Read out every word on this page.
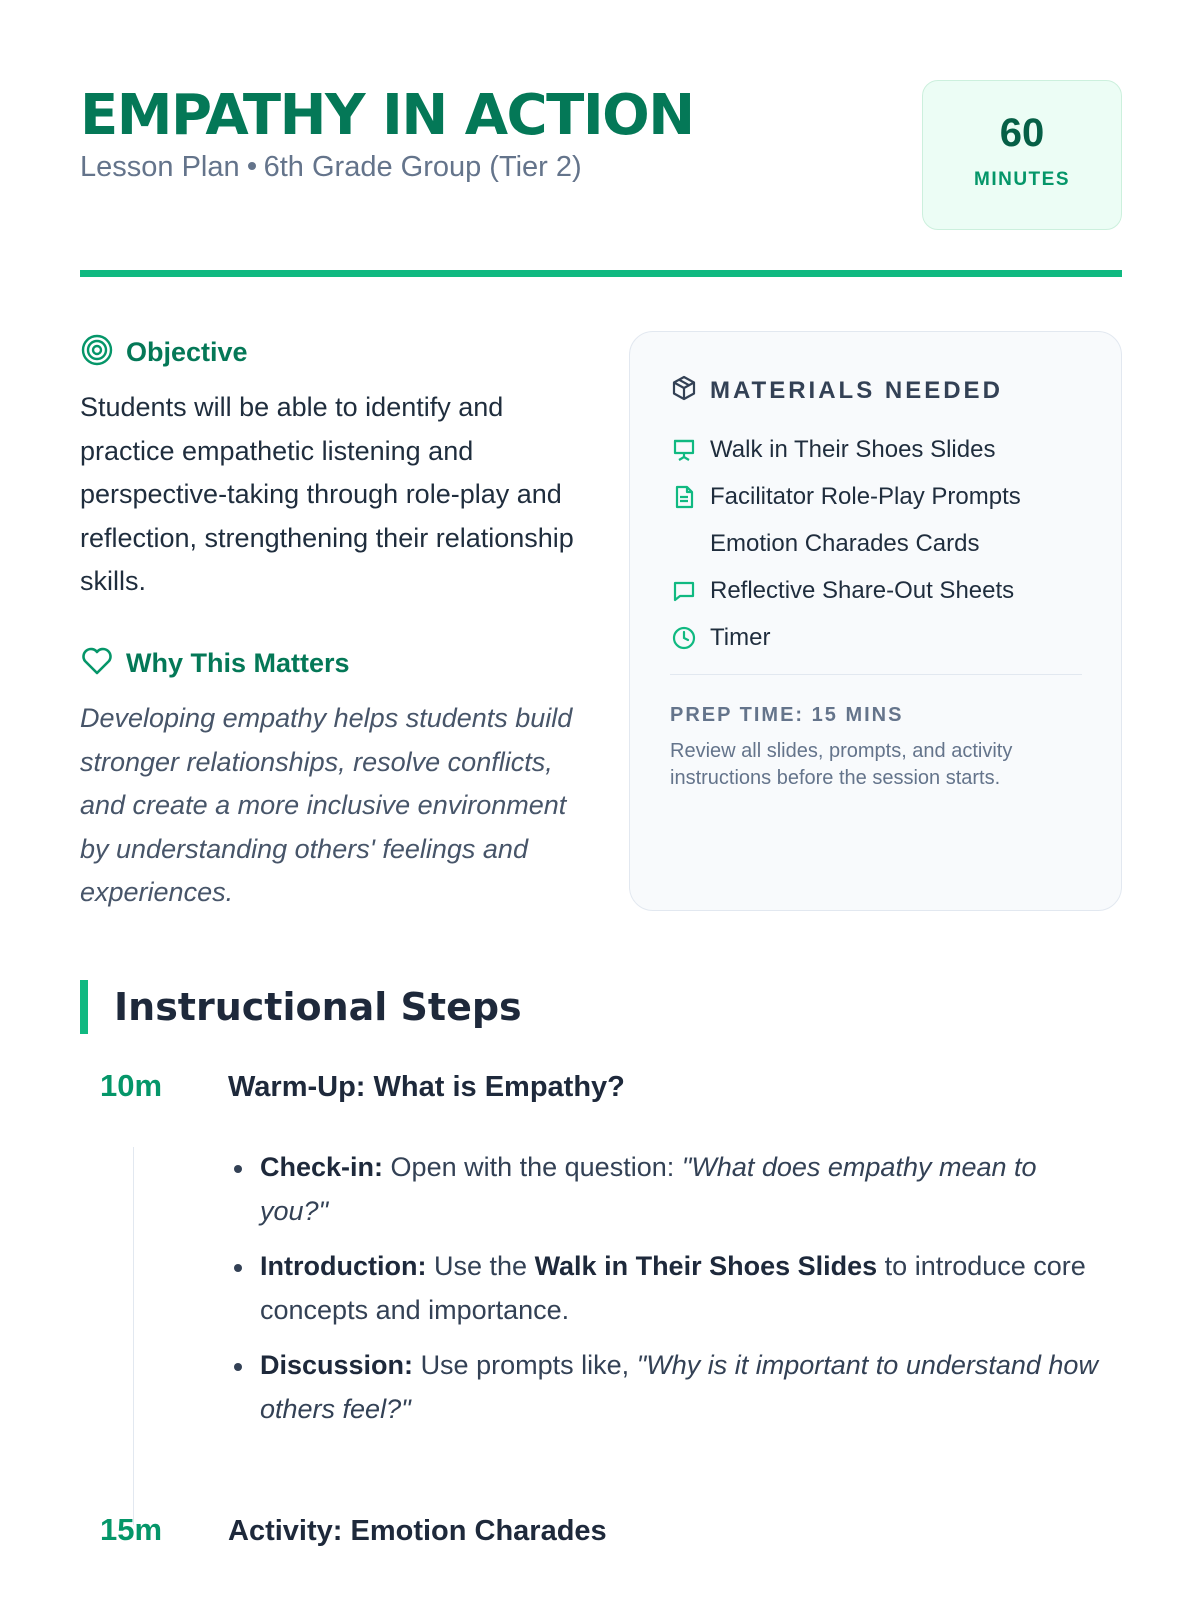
EMPATHY IN ACTION
Lesson Plan 6th Grade Group (Tier 2)
60
MINUTES
Objective

Students will be able to identify and practice empathetic listening and perspective-taking through role-play and reflection, strengthening their relationship skills.

Why This Matters

Developing empathy helps students build stronger relationships, resolve conflicts, and create a more inclusive environment by understanding others' feelings and experiences.

MATERIALS NEEDED
Walk in Their Shoes Slides
Facilitator Role-Play Prompts
Emotion Charades Cards
Reflective Share-Out Sheets
Timer
PREP TIME: 15 MINS

Review all slides, prompts, and activity instructions before the session starts.

Instructional Steps
10m Warm-Up: What is Empathy?
Check-in: Open with the question: "What does empathy mean to you?"
Introduction: Use the Walk in Their Shoes Slides to introduce core concepts and importance.
Discussion: Use prompts like, "Why is it important to understand how others feel?"
15m Activity: Emotion Charades
